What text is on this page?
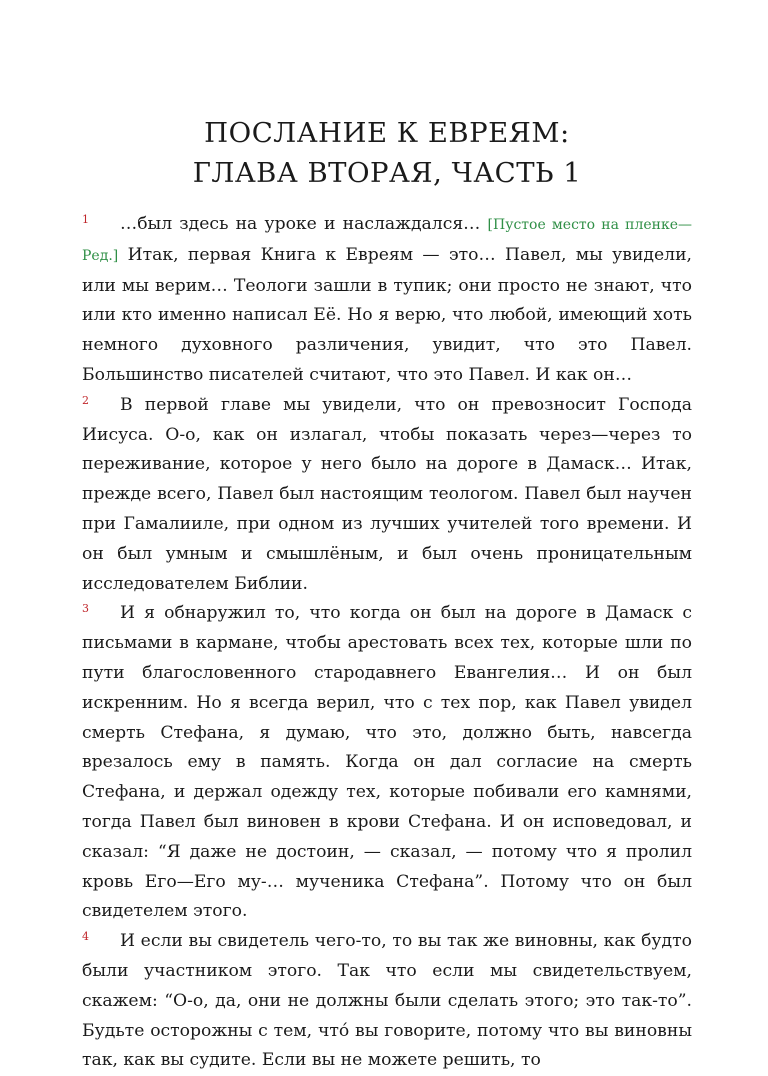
ПОСЛАНИЕ К ЕВРЕЯМ:
ГЛАВА ВТОРАЯ, ЧАСТЬ 1

1 …был здесь на уроке и наслаждался… [Пустое место на пленке—Ред.] Итак, первая Книга к Евреям — это… Павел, мы увидели, или мы верим… Теологи зашли в тупик; они просто не знают, что или кто именно написал Её. Но я верю, что любой, имеющий хоть немного духовного различения, увидит, что это Павел. Большинство писателей считают, что это Павел. И как он…

2 В первой главе мы увидели, что он превозносит Господа Иисуса. О-о, как он излагал, чтобы показать через—через то переживание, которое у него было на дороге в Дамаск… Итак, прежде всего, Павел был настоящим теологом. Павел был научен при Гамалииле, при одном из лучших учителей того времени. И он был умным и смышлёным, и был очень проницательным исследователем Библии.

3 И я обнаружил то, что когда он был на дороге в Дамаск с письмами в кармане, чтобы арестовать всех тех, которые шли по пути благословенного стародавнего Евангелия… И он был искренним. Но я всегда верил, что с тех пор, как Павел увидел смерть Стефана, я думаю, что это, должно быть, навсегда врезалось ему в память. Когда он дал согласие на смерть Стефана, и держал одежду тех, которые побивали его камнями, тогда Павел был виновен в крови Стефана. И он исповедовал, и сказал: “Я даже не достоин, — сказал, — потому что я пролил кровь Его—Его му-… мученика Стефана”. Потому что он был свидетелем этого.

4 И если вы свидетель чего-то, то вы так же виновны, как будто были участником этого. Так что если мы свидетельствуем, скажем: “О-о, да, они не должны были сделать этого; это так-то”. Будьте осторожны с тем, что́ вы говорите, потому что вы виновны так, как вы судите. Если вы не можете решить, то
